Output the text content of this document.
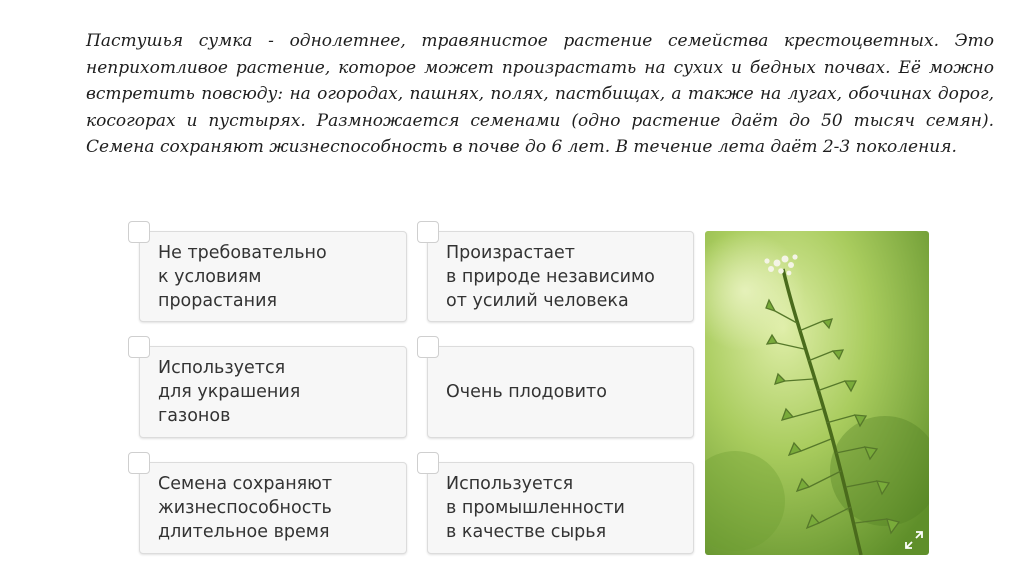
Пастушья сумка - однолетнее, травянистое растение семейства крестоцветных. Это неприхотливое растение, которое может произрастать на сухих и бедных почвах. Её можно встретить повсюду: на огородах, пашнях, полях, пастбищах, а также на лугах, обочинах дорог, косогорах и пустырях. Размножается семенами (одно растение даёт до 50 тысяч семян). Семена сохраняют жизнеспособность в почве до 6 лет. В течение лета даёт 2-3 поколения.
Не требовательно
к условиям
прорастания
Произрастает
в природе независимо
от усилий человека
Используется
для украшения
газонов
Очень плодовито
Семена сохраняют
жизнеспособность
длительное время
Используется
в промышленности
в качестве сырья
